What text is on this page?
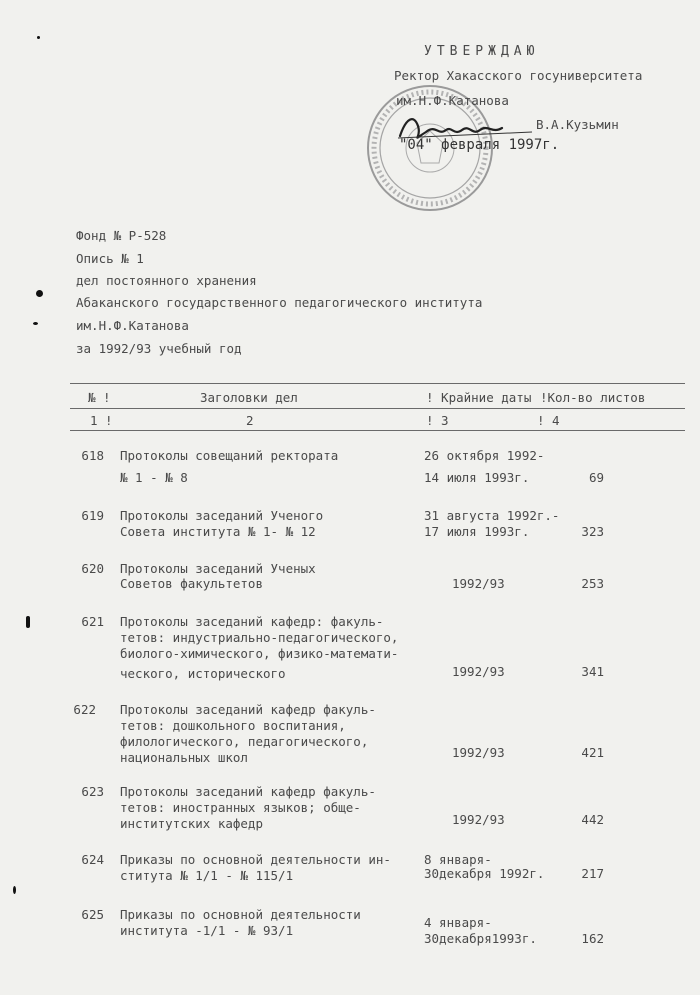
УТВЕРЖДАЮ
Ректор Хакасского госуниверситета
им.Н.Ф.Катанова
В.А.Кузьмин
"04" февраля 1997г.
Фонд № Р-528
Опись № 1
дел постоянного хранения
Абаканского государственного педагогического института
им.Н.Ф.Катанова
за 1992/93 учебный год
№ !	Заголовки дел	! Крайние даты !Кол-во листов
1 !	2	! 3	! 4
618 Протоколы совещаний ректората
№ 1 - № 8
26 октября 1992-
14 июля 1993г.	69
619 Протоколы заседаний Ученого
Совета института № 1- № 12
31 августа 1992г.-
17 июля 1993г.	323
620 Протоколы заседаний Ученых
Советов факультетов	1992/93	253
621 Протоколы заседаний кафедр: факуль-
тетов: индустриально-педагогического,
биолого-химического, физико-математи-
ческого, исторического	1992/93	341
622 Протоколы заседаний кафедр факуль-
тетов: дошкольного воспитания,
филологического, педагогического,
национальных школ	1992/93	421
623 Протоколы заседаний кафедр факуль-
тетов: иностранных языков; обще-
институтских кафедр	1992/93	442
624 Приказы по основной деятельности ин-
ститута № 1/1 - № 115/1
8 января-
30декабря 1992г.	217
625 Приказы по основной деятельности
института -1/1 - № 93/1
4 января-
30декабря1993г.	162
